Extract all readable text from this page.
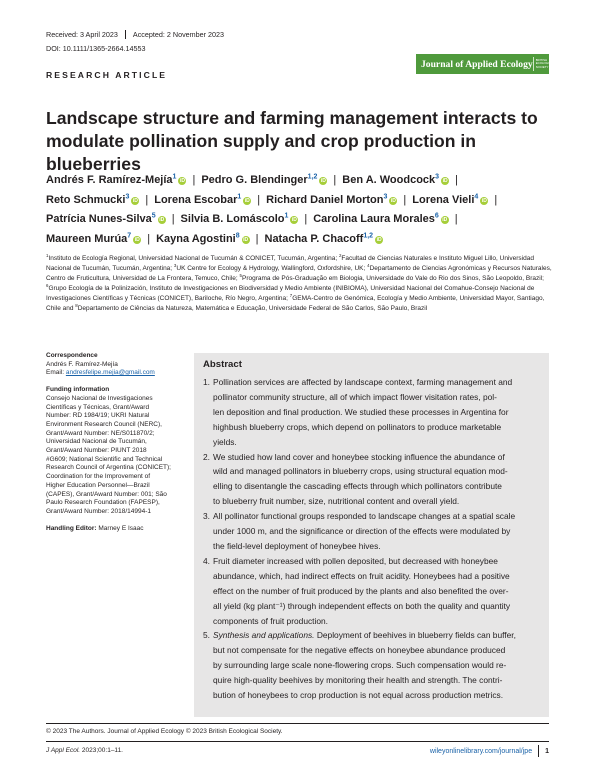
Received: 3 April 2023 Accepted: 2 November 2023
DOI: 10.1111/1365-2664.14553
RESEARCH ARTICLE
Journal of Applied Ecology BRITISH
ECOLOGICAL
SOCIETY
Landscape structure and farming management interacts to modulate pollination supply and crop production in blueberries
Andrés F. Ramírez-Mejía$^1$iD | Pedro G. Blendinger$^{1,2}$iD | Ben A. Woodcock$^3$iD |
Reto Schmucki$^3$iD | Lorena Escobar$^1$iD | Richard Daniel Morton$^3$iD | Lorena Vieli$^4$iD |
Patrícia Nunes-Silva$^5$iD | Silvia B. Lomáscolo$^1$iD | Carolina Laura Morales$^6$iD |
Maureen Murúa$^7$iD | Kayna Agostini$^8$iD | Natacha P. Chacoff$^{1,2}$iD
$^1$Instituto de Ecología Regional, Universidad Nacional de Tucumán & CONICET, Tucumán, Argentina; $^2$Facultad de Ciencias Naturales e Instituto Miguel Lillo, Universidad Nacional de Tucumán, Tucumán, Argentina; $^3$UK Centre for Ecology & Hydrology, Wallingford, Oxfordshire, UK; $^4$Departamento de Ciencias Agronómicas y Recursos Naturales, Centro de Fruticultura, Universidad de La Frontera, Temuco, Chile; $^5$Programa de Pós-Graduação em Biologia, Universidade do Vale do Rio dos Sinos, São Leopoldo, Brazil; $^6$Grupo Ecología de la Polinización, Instituto de Investigaciones en Biodiversidad y Medio Ambiente (INIBIOMA), Universidad Nacional del Comahue-Consejo Nacional de Investigaciones Científicas y Técnicas (CONICET), Bariloche, Río Negro, Argentina; $^7$GEMA-Centro de Genómica, Ecología y Medio Ambiente, Universidad Mayor, Santiago, Chile and $^8$Departamento de Ciências da Natureza, Matemática e Educação, Universidade Federal de São Carlos, São Paulo, Brazil
Correspondence
Andrés F. Ramírez-Mejía
Email: andresfelipe.mejia@gmail.com
Funding information
Consejo Nacional de Investigaciones
Científicas y Técnicas, Grant/Award
Number: RD 1984/19; UKRI Natural
Environment Research Council (NERC),
Grant/Award Number: NE/S011870/2;
Universidad Nacional de Tucumán,
Grant/Award Number: PIUNT 2018
#G609; National Scientific and Technical
Research Council of Argentina (CONICET);
Coordination for the Improvement of
Higher Education Personnel—Brazil
(CAPES), Grant/Award Number: 001; São
Paulo Research Foundation (FAPESP),
Grant/Award Number: 2018/14994-1
Handling Editor: Marney E Isaac
Abstract
1. Pollination services are affected by landscape context, farming management and
pollinator community structure, all of which impact flower visitation rates, pol-
len deposition and final production. We studied these processes in Argentina for
highbush blueberry crops, which depend on pollinators to produce marketable
yields.
2. We studied how land cover and honeybee stocking influence the abundance of
wild and managed pollinators in blueberry crops, using structural equation mod-
elling to disentangle the cascading effects through which pollinators contribute
to blueberry fruit number, size, nutritional content and overall yield.
3. All pollinator functional groups responded to landscape changes at a spatial scale
under 1000 m, and the significance or direction of the effects were modulated by
the field-level deployment of honeybee hives.
4. Fruit diameter increased with pollen deposited, but decreased with honeybee
abundance, which, had indirect effects on fruit acidity. Honeybees had a positive
effect on the number of fruit produced by the plants and also benefited the over-
all yield (kg plant⁻¹) through independent effects on both the quality and quantity
components of fruit production.
5. Synthesis and applications. Deployment of beehives in blueberry fields can buffer,
but not compensate for the negative effects on honeybee abundance produced
by surrounding large scale none-flowering crops. Such compensation would re-
quire high-quality beehives by monitoring their health and strength. The contri-
bution of honeybees to crop production is not equal across production metrics.
© 2023 The Authors. Journal of Applied Ecology © 2023 British Ecological Society.
J Appl Ecol. 2023;00:1–11.	wileyonlinelibrary.com/journal/jpe 1
